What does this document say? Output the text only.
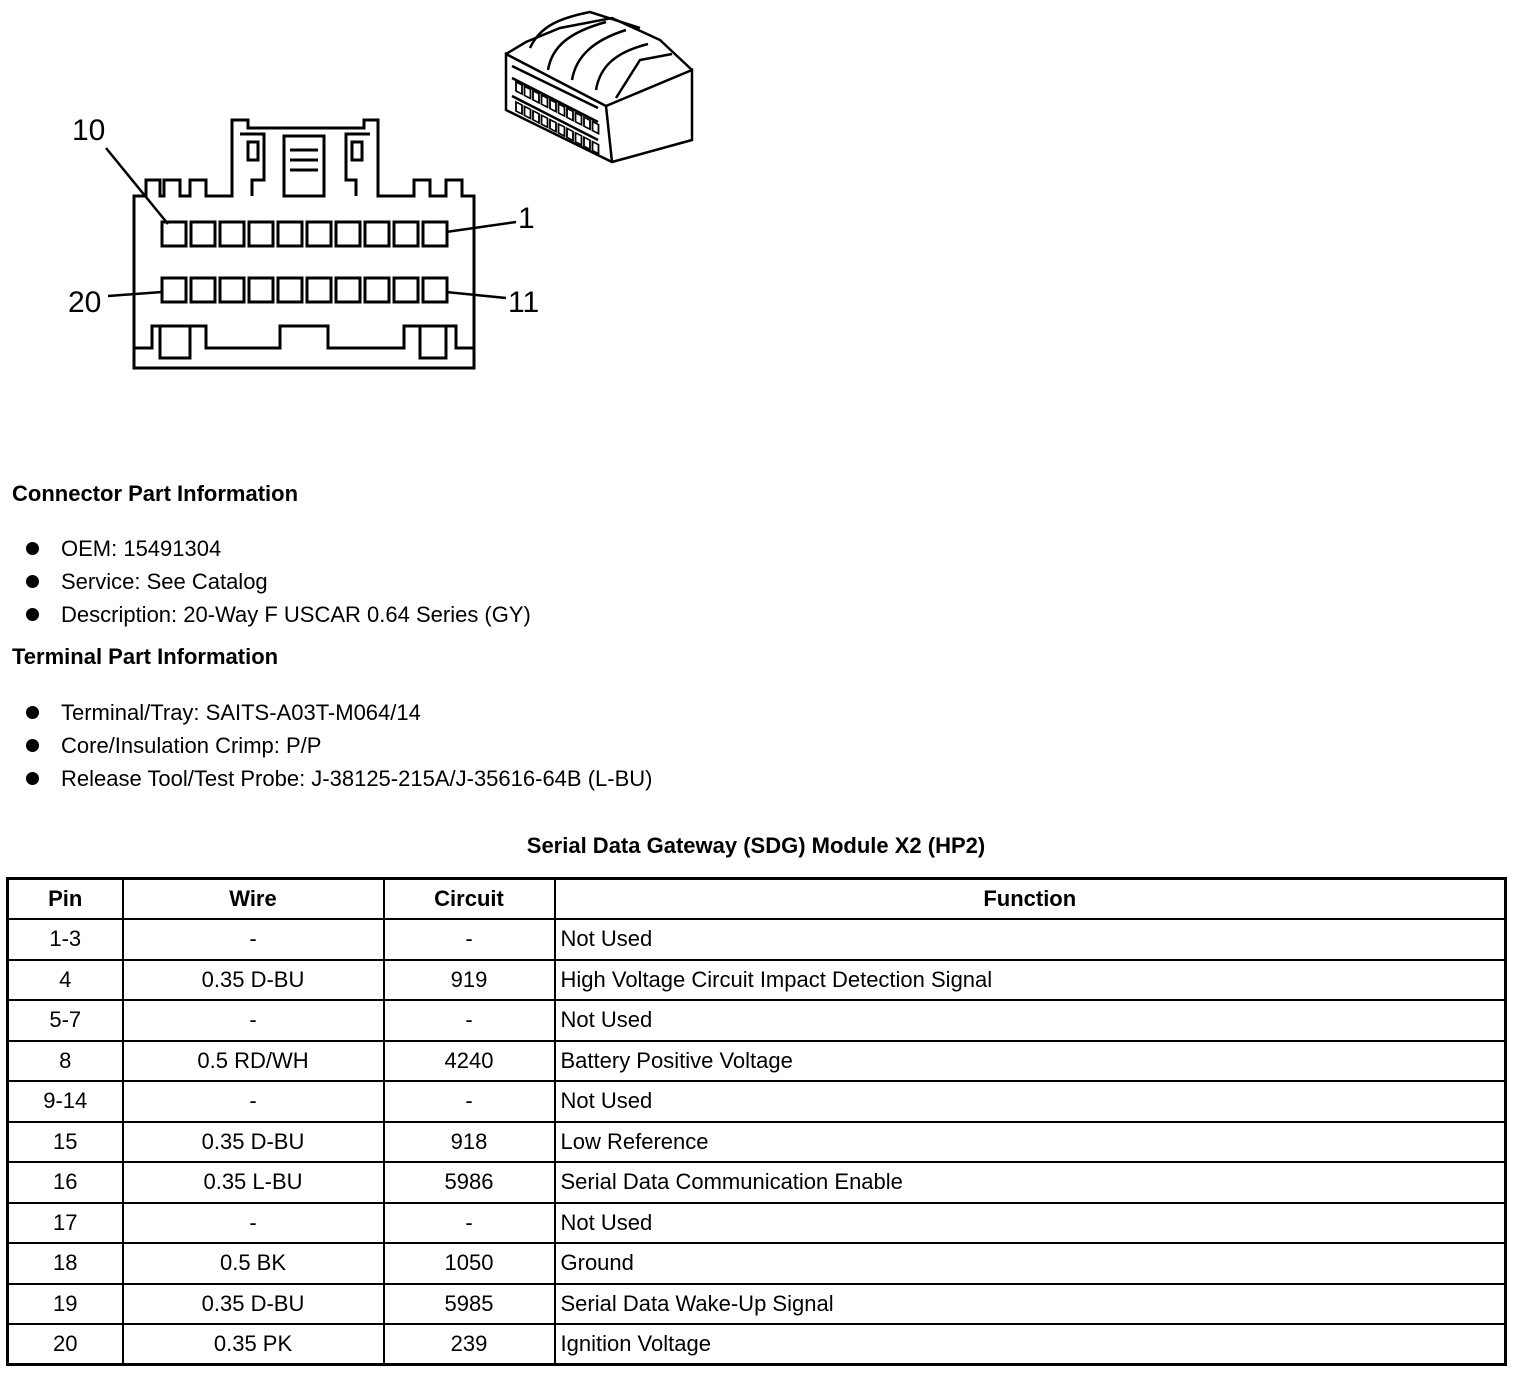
10
1
20	11
Connector Part Information
OEM: 15491304
Service: See Catalog
Description: 20-Way F USCAR 0.64 Series (GY)
Terminal Part Information
Terminal/Tray: SAITS-A03T-M064/14
Core/Insulation Crimp: P/P
Release Tool/Test Probe: J-38125-215A/J-35616-64B (L-BU)
Serial Data Gateway (SDG) Module X2 (HP2)
Pin	Wire	Circuit	Function
1-3	-	-	Not Used
4	0.35 D-BU	919	High Voltage Circuit Impact Detection Signal
5-7	-	-	Not Used
8	0.5 RD/WH	4240	Battery Positive Voltage
9-14	-	-	Not Used
15	0.35 D-BU	918	Low Reference
16	0.35 L-BU	5986	Serial Data Communication Enable
17	-	-	Not Used
18	0.5 BK	1050	Ground
19	0.35 D-BU	5985	Serial Data Wake-Up Signal
20	0.35 PK	239	Ignition Voltage
